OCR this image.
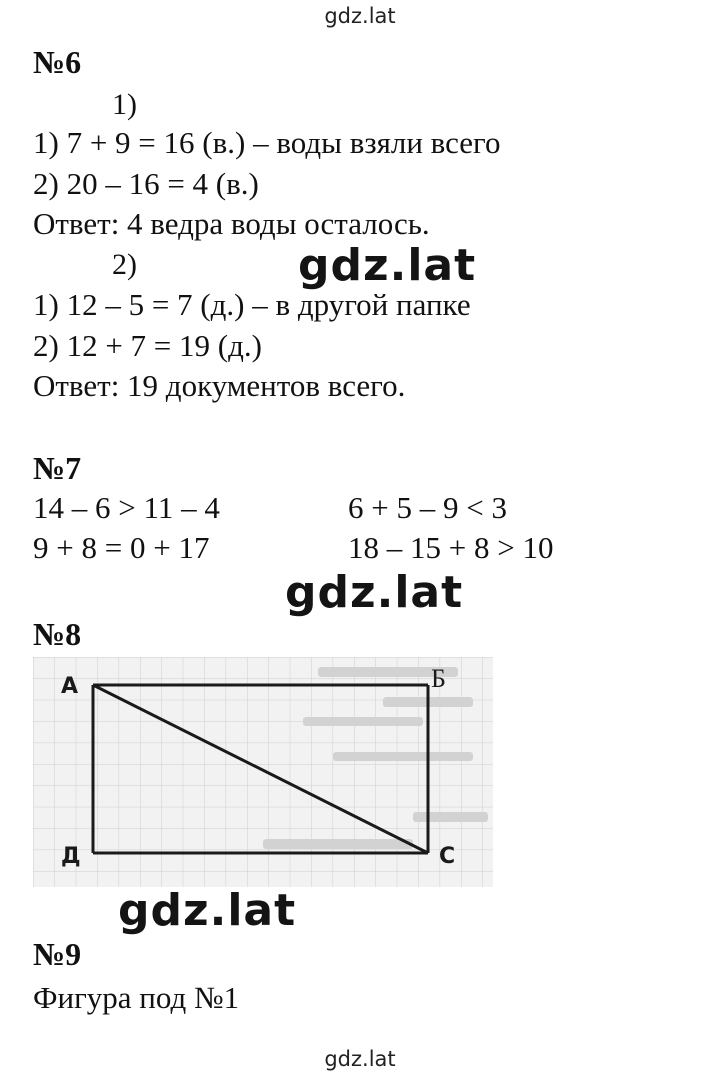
gdz.lat
gdz.lat
№6
1)
1) 7 + 9 = 16 (в.) – воды взяли всего
2) 20 – 16 = 4 (в.)
Ответ: 4 ведра воды осталось.
2)
1) 12 – 5 = 7 (д.) – в другой папке
2) 12 + 7 = 19 (д.)
Ответ: 19 документов всего.
gdz.lat
№7
14 – 6 > 11 – 4
9 + 8 = 0 + 17
6 + 5 – 9 < 3
18 – 15 + 8 > 10
gdz.lat
№8
А	Б
С
Д
gdz.lat
№9
Фигура под №1
